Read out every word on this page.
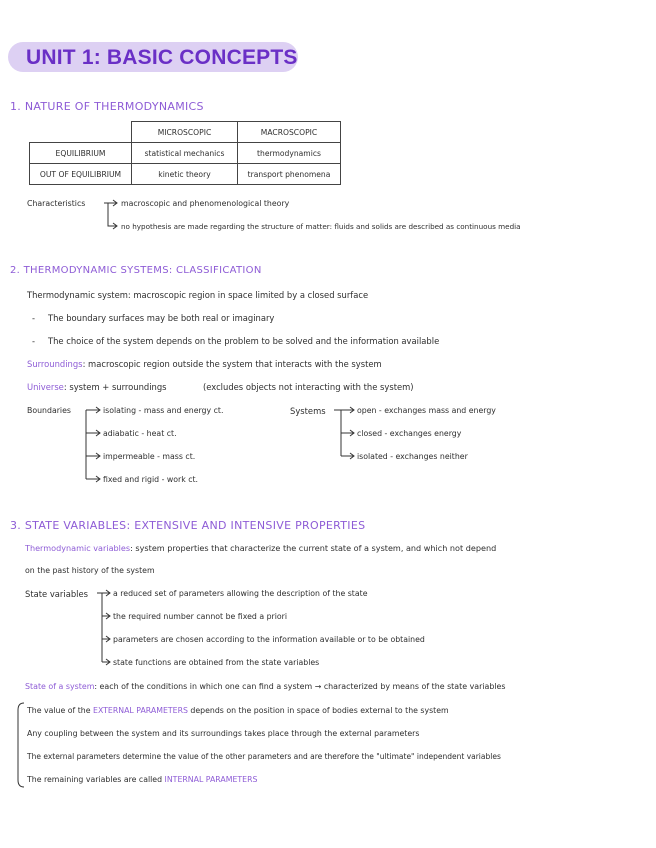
UNIT 1: BASIC CONCEPTS
1. NATURE OF THERMODYNAMICS
	MICROSCOPIC	MACROSCOPIC
EQUILIBRIUM	statistical mechanics	thermodynamics
OUT OF EQUILIBRIUM	kinetic theory	transport phenomena
Characteristics	macroscopic and phenomenological theory
no hypothesis are made regarding the structure of matter: fluids and solids are described as continuous media
2. THERMODYNAMIC SYSTEMS: CLASSIFICATION
Thermodynamic system: macroscopic region in space limited by a closed surface
- The boundary surfaces may be both real or imaginary
- The choice of the system depends on the problem to be solved and the information available
Surroundings: macroscopic region outside the system that interacts with the system
Universe: system + surroundings	(excludes objects not interacting with the system)
Boundaries	isolating - mass and energy ct.
adiabatic - heat ct.
impermeable - mass ct.
fixed and rigid - work ct.
Systems	open - exchanges mass and energy
closed - exchanges energy
isolated - exchanges neither
3. STATE VARIABLES: EXTENSIVE AND INTENSIVE PROPERTIES
Thermodynamic variables: system properties that characterize the current state of a system, and which not depend
on the past history of the system
State variables	a reduced set of parameters allowing the description of the state
the required number cannot be fixed a priori
parameters are chosen according to the information available or to be obtained
state functions are obtained from the state variables
State of a system: each of the conditions in which one can find a system → characterized by means of the state variables
The value of the EXTERNAL PARAMETERS depends on the position in space of bodies external to the system
Any coupling between the system and its surroundings takes place through the external parameters
The external parameters determine the value of the other parameters and are therefore the "ultimate" independent variables
The remaining variables are called INTERNAL PARAMETERS
